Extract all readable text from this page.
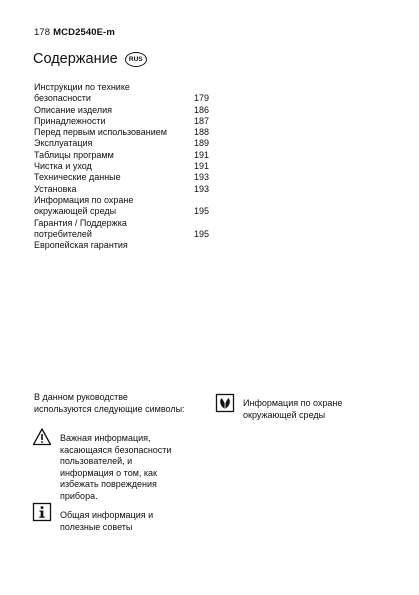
178 MCD2540E-m
Содержание	RUS
Инструкции по технике
безопасности	179
Описание изделия	186
Принадлежности	187
Перед первым использованием	188
Эксплуатация	189
Таблицы программ	191
Чистка и уход	191
Технические данные	193
Установка	193
Информация по охране
окружающей среды	195
Гарантия / Поддержка
потребителей	195
Европейская гарантия
В данном руководстве
используются следующие символы:
Важная информация,
касающаяся безопасности
пользователей, и
информация о том, как
избежать повреждения
прибора.
Общая информация и
полезные советы
Информация по охране
окружающей среды
